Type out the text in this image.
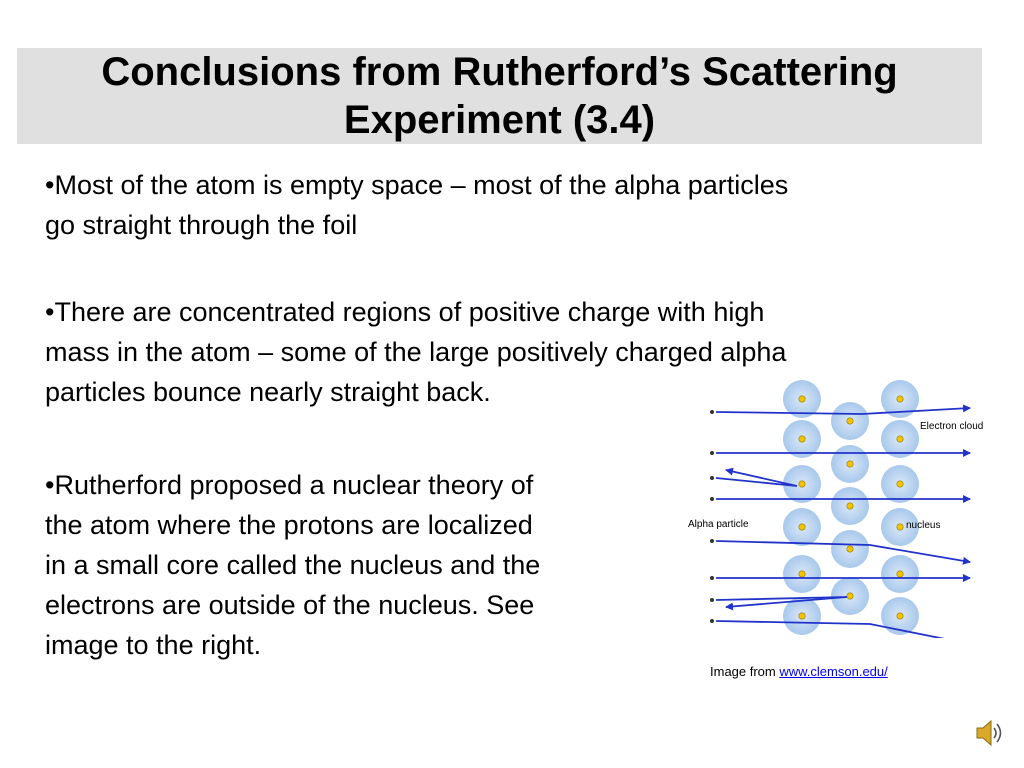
Conclusions from Rutherford’s Scattering
Experiment (3.4)
•Most of the atom is empty space – most of the alpha particles
go straight through the foil
•There are concentrated regions of positive charge with high
mass in the atom – some of the large positively charged alpha
particles bounce nearly straight back.
•Rutherford proposed a nuclear theory of
the atom where the protons are localized
in a small core called the nucleus and the
electrons are outside of the nucleus. See
image to the right.
Electron cloud
Alpha particle	nucleus
Image from www.clemson.edu/
